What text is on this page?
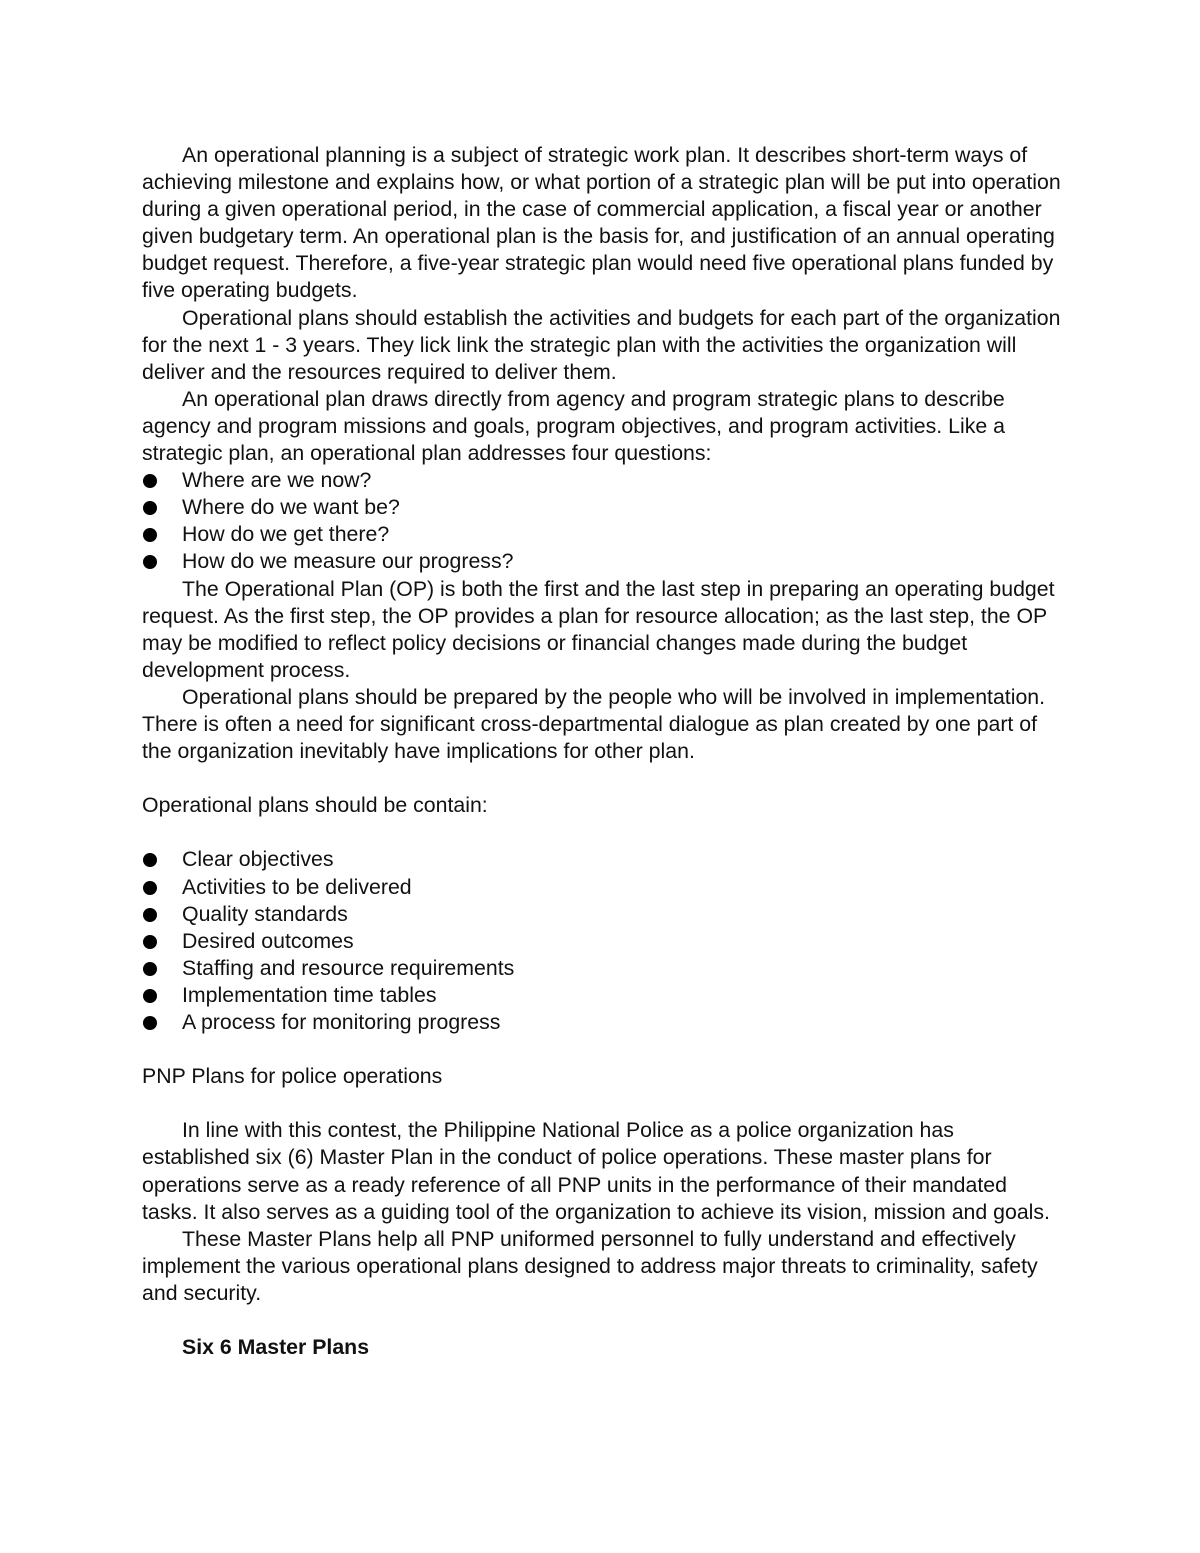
An operational planning is a subject of strategic work plan. It describes short-term ways of achieving milestone and explains how, or what portion of a strategic plan will be put into operation during a given operational period, in the case of commercial application, a fiscal year or another given budgetary term. An operational plan is the basis for, and justification of an annual operating budget request. Therefore, a five-year strategic plan would need five operational plans funded by five operating budgets.

Operational plans should establish the activities and budgets for each part of the organization for the next 1 - 3 years. They lick link the strategic plan with the activities the organization will deliver and the resources required to deliver them.

An operational plan draws directly from agency and program strategic plans to describe agency and program missions and goals, program objectives, and program activities. Like a strategic plan, an operational plan addresses four questions:

Where are we now?
Where do we want be?
How do we get there?
How do we measure our progress?

The Operational Plan (OP) is both the first and the last step in preparing an operating budget request. As the first step, the OP provides a plan for resource allocation; as the last step, the OP may be modified to reflect policy decisions or financial changes made during the budget development process.

Operational plans should be prepared by the people who will be involved in implementation. There is often a need for significant cross-departmental dialogue as plan created by one part of the organization inevitably have implications for other plan.

Operational plans should be contain:

Clear objectives
Activities to be delivered
Quality standards
Desired outcomes
Staffing and resource requirements
Implementation time tables
A process for monitoring progress

PNP Plans for police operations

In line with this contest, the Philippine National Police as a police organization has established six (6) Master Plan in the conduct of police operations. These master plans for operations serve as a ready reference of all PNP units in the performance of their mandated tasks. It also serves as a guiding tool of the organization to achieve its vision, mission and goals.

These Master Plans help all PNP uniformed personnel to fully understand and effectively implement the various operational plans designed to address major threats to criminality, safety and security.

Six 6 Master Plans
